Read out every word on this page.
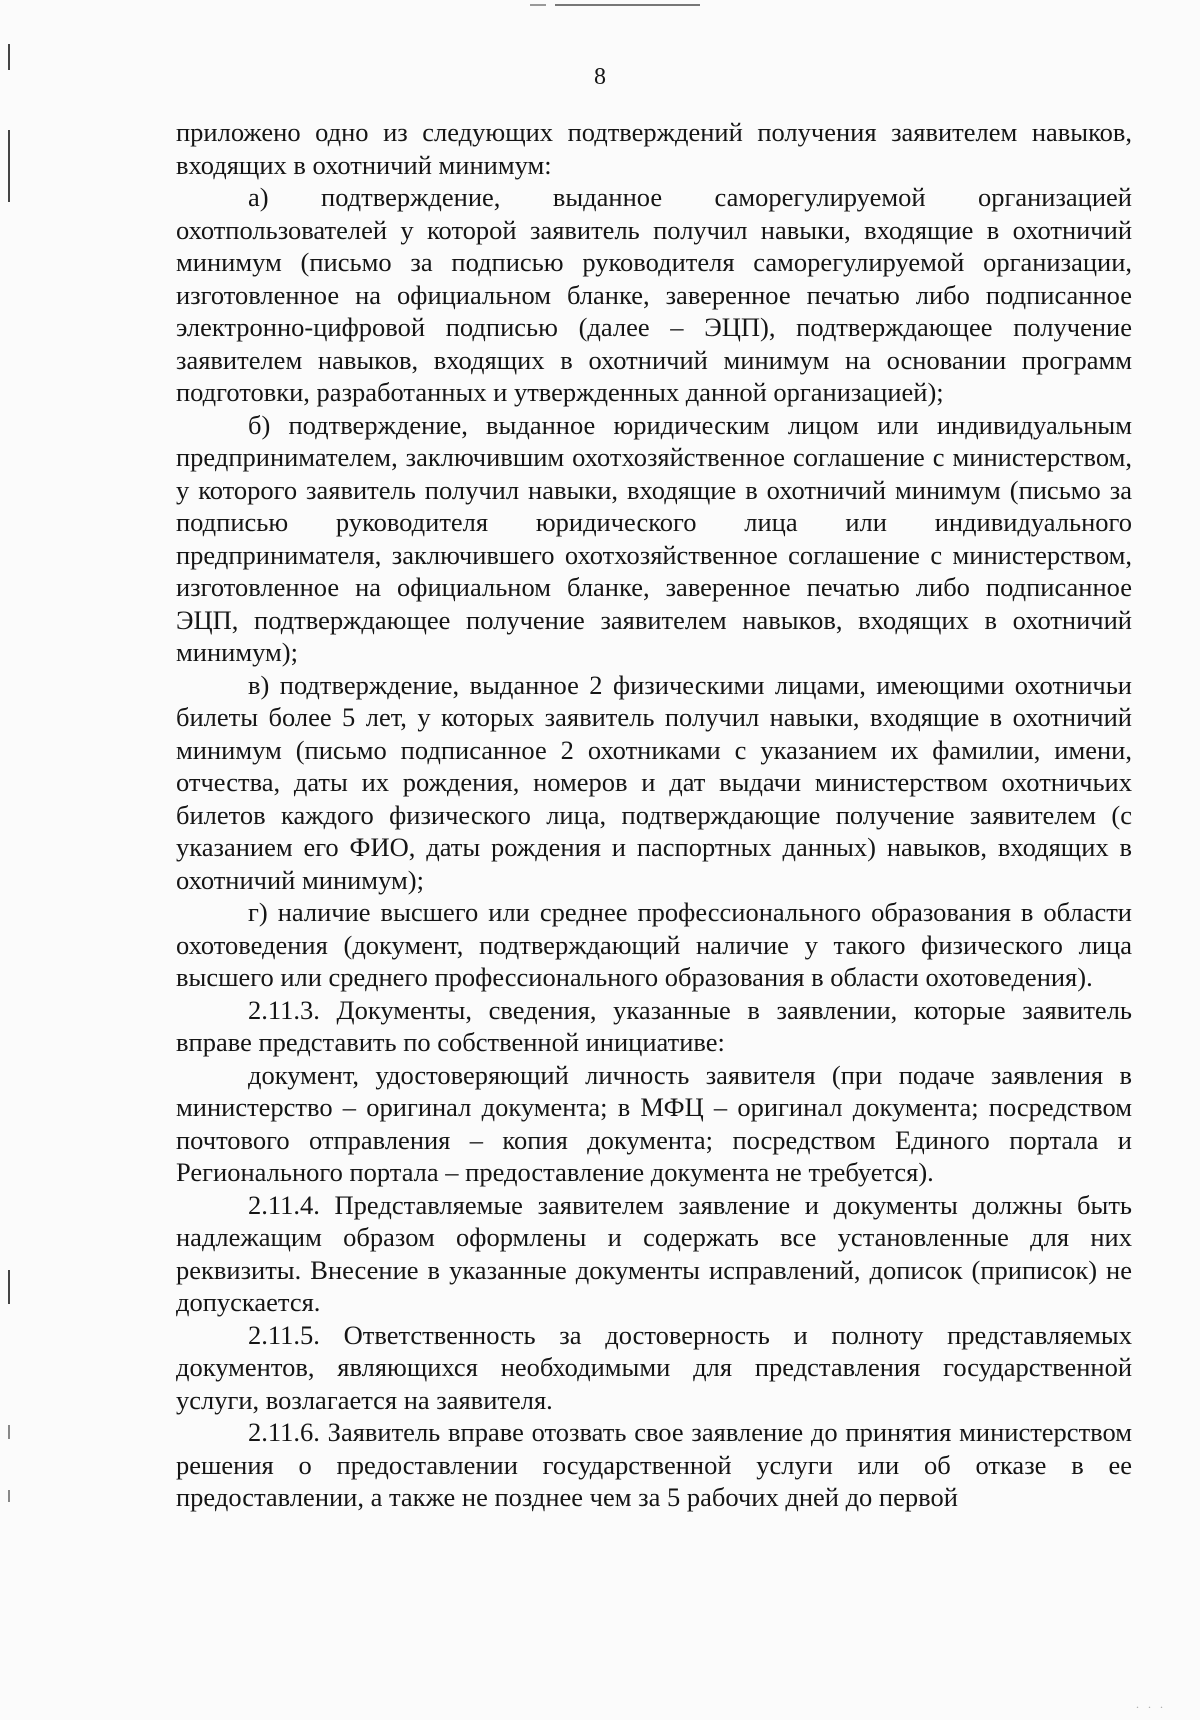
8

приложено одно из следующих подтверждений получения заявителем навыков, входящих в охотничий минимум:

а) подтверждение, выданное саморегулируемой организацией охотпользователей у которой заявитель получил навыки, входящие в охотничий минимум (письмо за подписью руководителя саморегулируемой организации, изготовленное на официальном бланке, заверенное печатью либо подписанное электронно-цифровой подписью (далее – ЭЦП), подтверждающее получение заявителем навыков, входящих в охотничий минимум на основании программ подготовки, разработанных и утвержденных данной организацией);

б) подтверждение, выданное юридическим лицом или индивидуальным предпринимателем, заключившим охотхозяйственное соглашение с министерством, у которого заявитель получил навыки, входящие в охотничий минимум (письмо за подписью руководителя юридического лица или индивидуального предпринимателя, заключившего охотхозяйственное соглашение с министерством, изготовленное на официальном бланке, заверенное печатью либо подписанное ЭЦП, подтверждающее получение заявителем навыков, входящих в охотничий минимум);

в) подтверждение, выданное 2 физическими лицами, имеющими охотничьи билеты более 5 лет, у которых заявитель получил навыки, входящие в охотничий минимум (письмо подписанное 2 охотниками с указанием их фамилии, имени, отчества, даты их рождения, номеров и дат выдачи министерством охотничьих билетов каждого физического лица, подтверждающие получение заявителем (с указанием его ФИО, даты рождения и паспортных данных) навыков, входящих в охотничий минимум);

г) наличие высшего или среднее профессионального образования в области охотоведения (документ, подтверждающий наличие у такого физического лица высшего или среднего профессионального образования в области охотоведения).

2.11.3. Документы, сведения, указанные в заявлении, которые заявитель вправе представить по собственной инициативе:

документ, удостоверяющий личность заявителя (при подаче заявления в министерство – оригинал документа; в МФЦ – оригинал документа; посредством почтового отправления – копия документа; посредством Единого портала и Регионального портала – предоставление документа не требуется).

2.11.4. Представляемые заявителем заявление и документы должны быть надлежащим образом оформлены и содержать все установленные для них реквизиты. Внесение в указанные документы исправлений, дописок (приписок) не допускается.

2.11.5. Ответственность за достоверность и полноту представляемых документов, являющихся необходимыми для представления государственной услуги, возлагается на заявителя.

2.11.6. Заявитель вправе отозвать свое заявление до принятия министерством решения о предоставлении государственной услуги или об отказе в ее предоставлении, а также не позднее чем за 5 рабочих дней до первой

. . .
